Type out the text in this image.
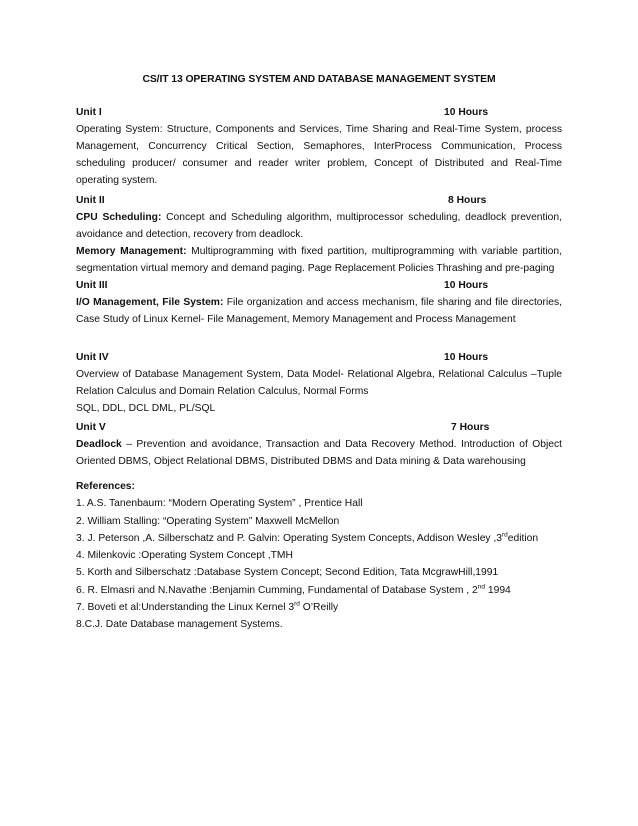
CS/IT 13 OPERATING SYSTEM AND DATABASE MANAGEMENT SYSTEM
Unit I	10 Hours
Operating System: Structure, Components and Services, Time Sharing and Real-Time System, process Management, Concurrency Critical Section, Semaphores, InterProcess Communication, Process scheduling producer/ consumer and reader writer problem, Concept of Distributed and Real-Time operating system.
Unit II	8 Hours
CPU Scheduling: Concept and Scheduling algorithm, multiprocessor scheduling, deadlock prevention, avoidance and detection, recovery from deadlock.
Memory Management: Multiprogramming with fixed partition, multiprogramming with variable partition, segmentation virtual memory and demand paging. Page Replacement Policies Thrashing and pre-paging
Unit III	10 Hours
I/O Management, File System: File organization and access mechanism, file sharing and file directories, Case Study of Linux Kernel- File Management, Memory Management and Process Management
Unit IV	10 Hours
Overview of Database Management System, Data Model- Relational Algebra, Relational Calculus –Tuple Relation Calculus and Domain Relation Calculus, Normal Forms
SQL, DDL, DCL DML, PL/SQL
Unit V	7 Hours
Deadlock – Prevention and avoidance, Transaction and Data Recovery Method. Introduction of Object Oriented DBMS, Object Relational DBMS, Distributed DBMS and Data mining & Data warehousing
References:
1. A.S. Tanenbaum: “Modern Operating System” , Prentice Hall
2. William Stalling: “Operating System” Maxwell McMellon
3. J. Peterson ,A. Silberschatz and P. Galvin: Operating System Concepts, Addison Wesley ,3rdedition
4. Milenkovic :Operating System Concept ,TMH
5. Korth and Silberschatz :Database System Concept; Second Edition, Tata McgrawHill,1991
6. R. Elmasri and N.Navathe :Benjamin Cumming, Fundamental of Database System , 2nd 1994
7. Boveti et al:Understanding the Linux Kernel 3rd O’Reilly
8.C.J. Date Database management Systems.
